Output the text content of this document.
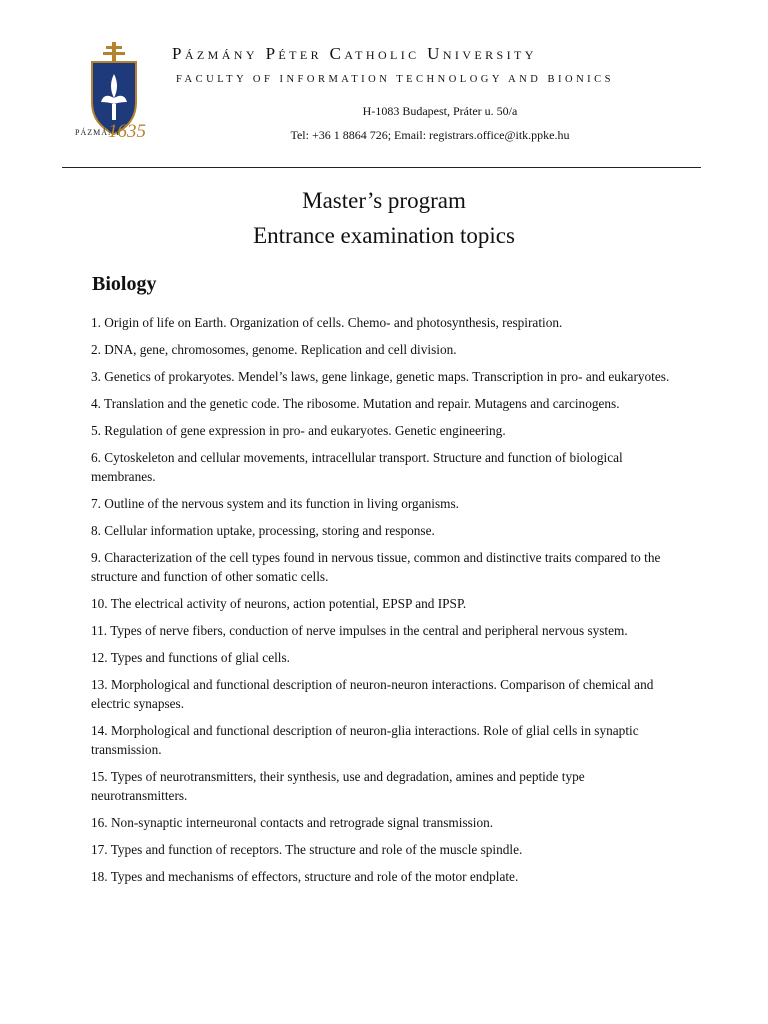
PÁZMÁNY
1635
Pázmány Péter Catholic University
FACULTY OF INFORMATION TECHNOLOGY AND BIONICS
H-1083 Budapest, Práter u. 50/a
Tel: +36 1 8864 726; Email: registrars.office@itk.ppke.hu
Master’s program
Entrance examination topics
Biology
1. Origin of life on Earth. Organization of cells. Chemo- and photosynthesis, respiration.
2. DNA, gene, chromosomes, genome. Replication and cell division.
3. Genetics of prokaryotes. Mendel’s laws, gene linkage, genetic maps. Transcription in pro- and eukaryotes.
4. Translation and the genetic code. The ribosome. Mutation and repair. Mutagens and carcinogens.
5. Regulation of gene expression in pro- and eukaryotes. Genetic engineering.
6. Cytoskeleton and cellular movements, intracellular transport. Structure and function of biological membranes.
7. Outline of the nervous system and its function in living organisms.
8. Cellular information uptake, processing, storing and response.
9. Characterization of the cell types found in nervous tissue, common and distinctive traits compared to the structure and function of other somatic cells.
10. The electrical activity of neurons, action potential, EPSP and IPSP.
11. Types of nerve fibers, conduction of nerve impulses in the central and peripheral nervous system.
12. Types and functions of glial cells.
13. Morphological and functional description of neuron-neuron interactions. Comparison of chemical and electric synapses.
14. Morphological and functional description of neuron-glia interactions. Role of glial cells in synaptic transmission.
15. Types of neurotransmitters, their synthesis, use and degradation, amines and peptide type neurotransmitters.
16. Non-synaptic interneuronal contacts and retrograde signal transmission.
17. Types and function of receptors. The structure and role of the muscle spindle.
18. Types and mechanisms of effectors, structure and role of the motor endplate.
